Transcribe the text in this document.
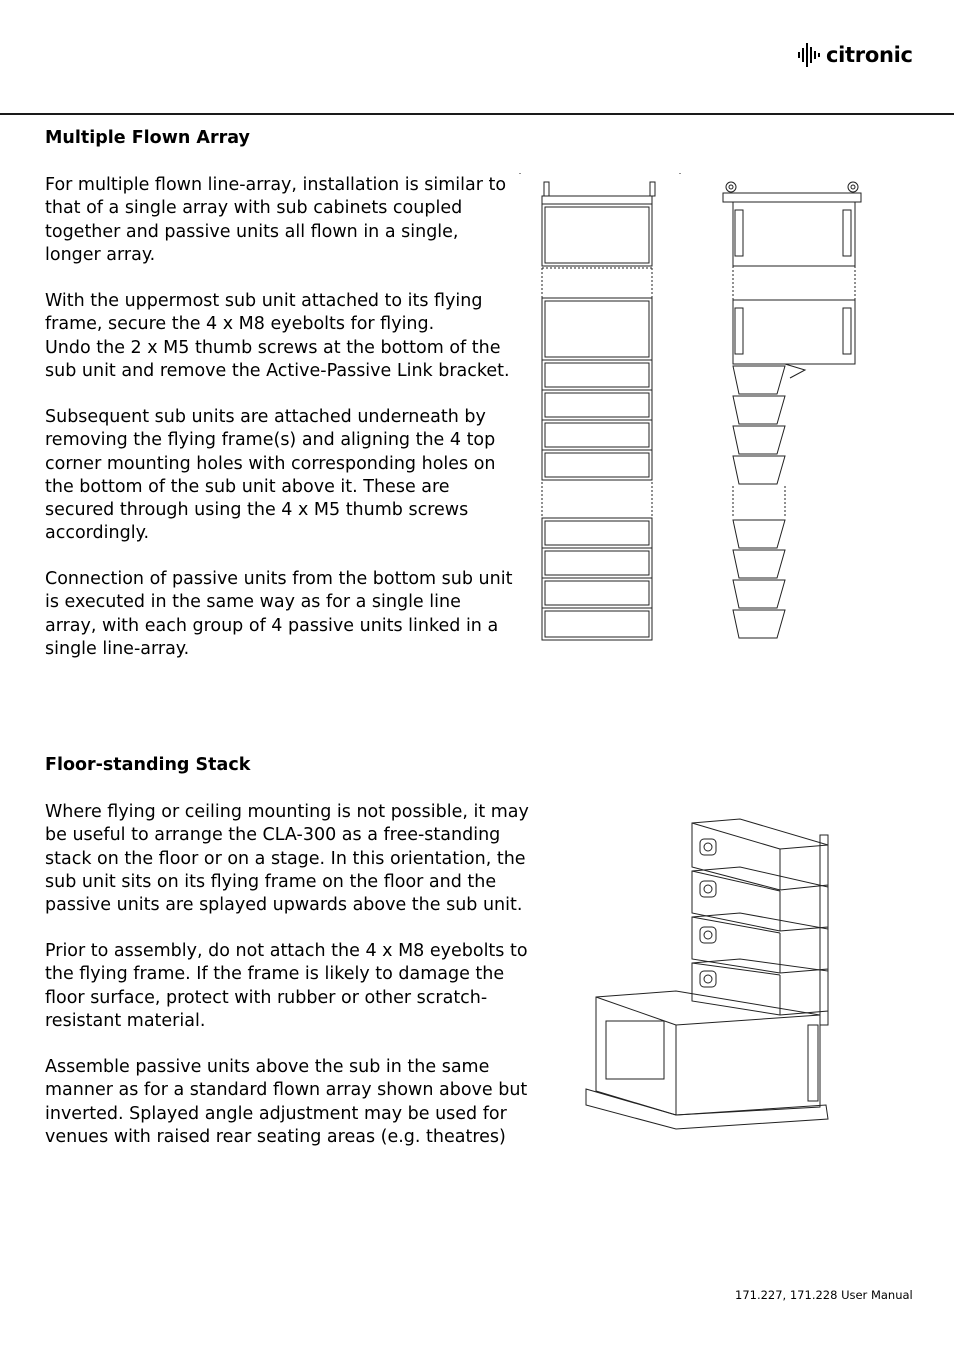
citronic
Multiple Flown Array

For multiple flown line-array, installation is similar to
that of a single array with sub cabinets coupled
together and passive units all flown in a single,
longer array.

With the uppermost sub unit attached to its flying
frame, secure the 4 x M8 eyebolts for flying.
Undo the 2 x M5 thumb screws at the bottom of the
sub unit and remove the Active-Passive Link bracket.

Subsequent sub units are attached underneath by
removing the flying frame(s) and aligning the 4 top
corner mounting holes with corresponding holes on
the bottom of the sub unit above it. These are
secured through using the 4 x M5 thumb screws
accordingly.

Connection of passive units from the bottom sub unit
is executed in the same way as for a single line
array, with each group of 4 passive units linked in a
single line-array.

Floor-standing Stack

Where flying or ceiling mounting is not possible, it may
be useful to arrange the CLA-300 as a free-standing
stack on the floor or on a stage. In this orientation, the
sub unit sits on its flying frame on the floor and the
passive units are splayed upwards above the sub unit.

Prior to assembly, do not attach the 4 x M8 eyebolts to
the flying frame. If the frame is likely to damage the
floor surface, protect with rubber or other scratch-
resistant material.

Assemble passive units above the sub in the same
manner as for a standard flown array shown above but
inverted. Splayed angle adjustment may be used for
venues with raised rear seating areas (e.g. theatres)

171.227, 171.228 User Manual
